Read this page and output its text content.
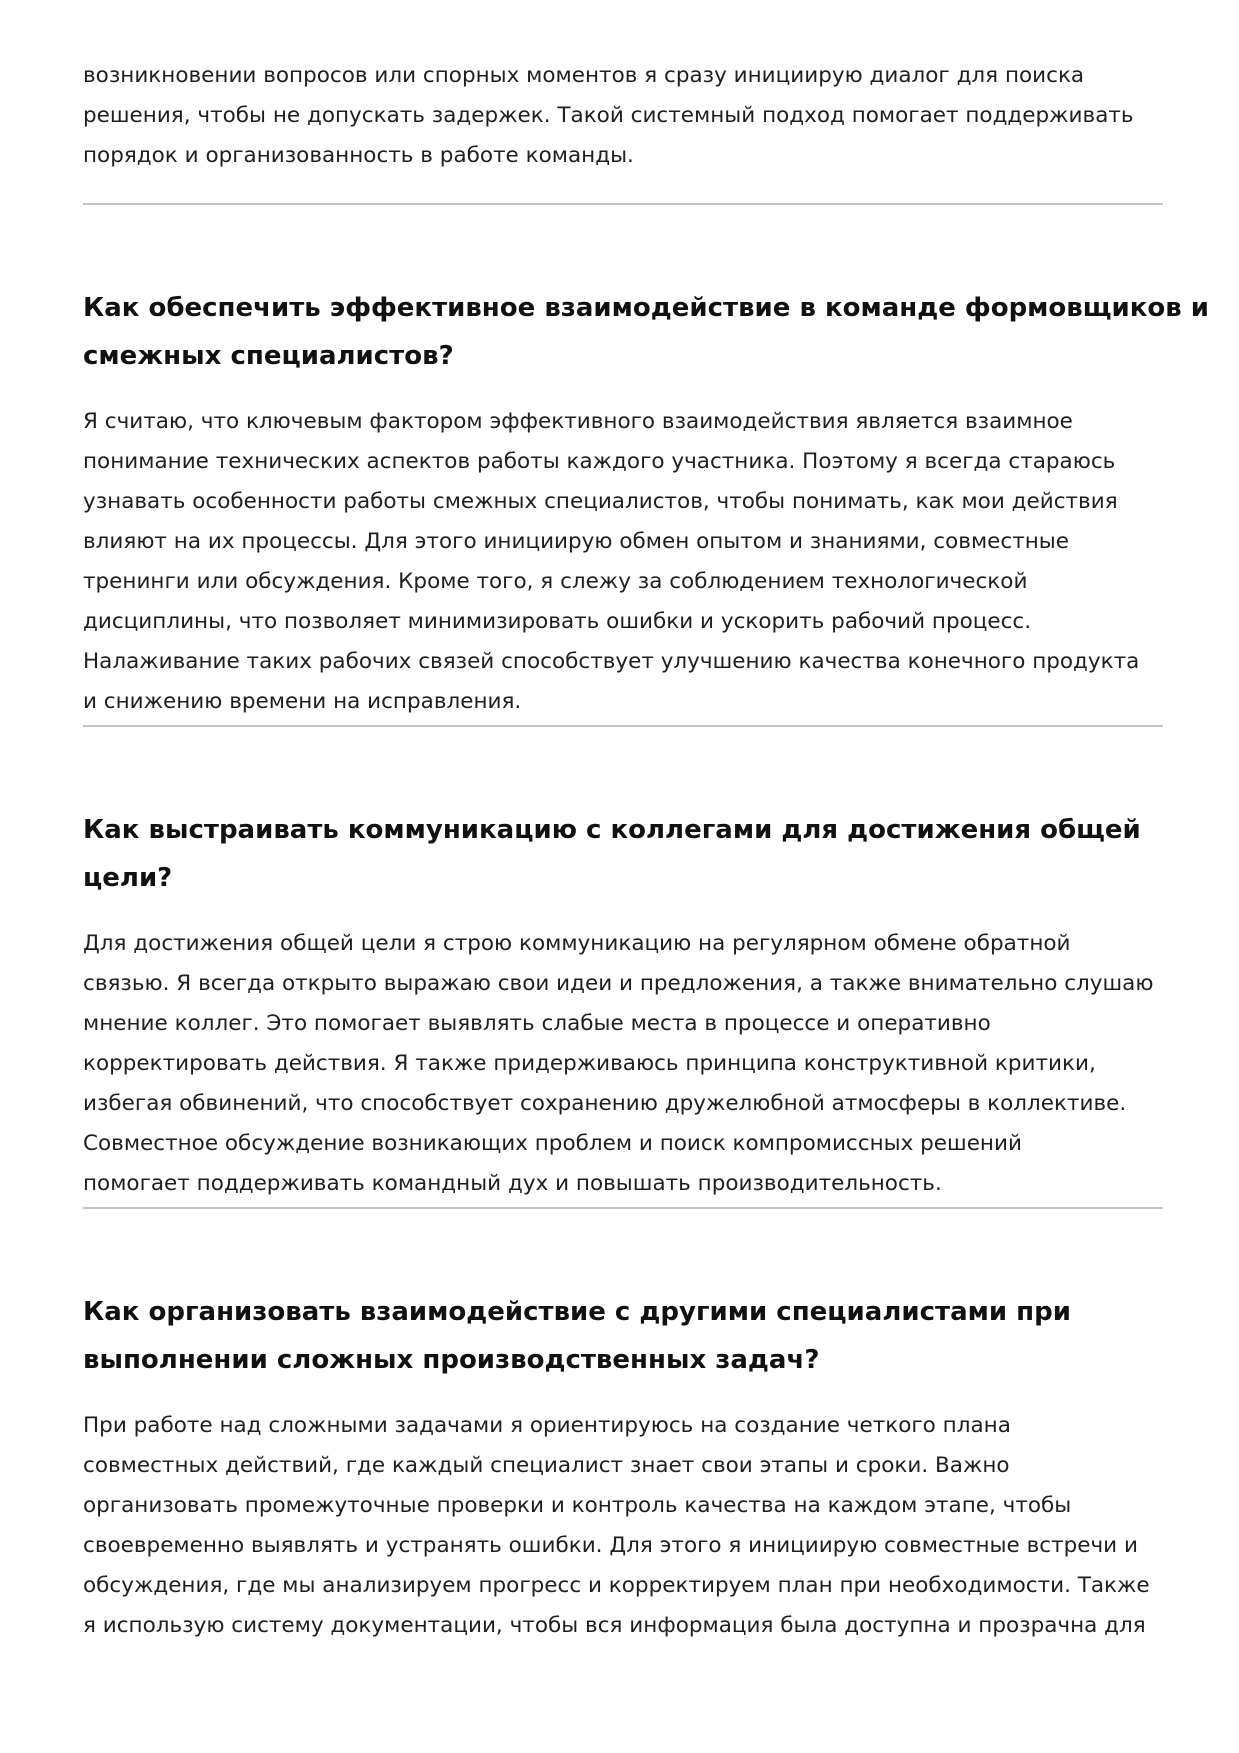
возникновении вопросов или спорных моментов я сразу инициирую диалог для поиска
решения, чтобы не допускать задержек. Такой системный подход помогает поддерживать
порядок и организованность в работе команды.

Как обеспечить эффективное взаимодействие в команде формовщиков и
смежных специалистов?

Я считаю, что ключевым фактором эффективного взаимодействия является взаимное
понимание технических аспектов работы каждого участника. Поэтому я всегда стараюсь
узнавать особенности работы смежных специалистов, чтобы понимать, как мои действия
влияют на их процессы. Для этого инициирую обмен опытом и знаниями, совместные
тренинги или обсуждения. Кроме того, я слежу за соблюдением технологической
дисциплины, что позволяет минимизировать ошибки и ускорить рабочий процесс.
Налаживание таких рабочих связей способствует улучшению качества конечного продукта
и снижению времени на исправления.

Как выстраивать коммуникацию с коллегами для достижения общей
цели?

Для достижения общей цели я строю коммуникацию на регулярном обмене обратной
связью. Я всегда открыто выражаю свои идеи и предложения, а также внимательно слушаю
мнение коллег. Это помогает выявлять слабые места в процессе и оперативно
корректировать действия. Я также придерживаюсь принципа конструктивной критики,
избегая обвинений, что способствует сохранению дружелюбной атмосферы в коллективе.
Совместное обсуждение возникающих проблем и поиск компромиссных решений
помогает поддерживать командный дух и повышать производительность.

Как организовать взаимодействие с другими специалистами при
выполнении сложных производственных задач?

При работе над сложными задачами я ориентируюсь на создание четкого плана
совместных действий, где каждый специалист знает свои этапы и сроки. Важно
организовать промежуточные проверки и контроль качества на каждом этапе, чтобы
своевременно выявлять и устранять ошибки. Для этого я инициирую совместные встречи и
обсуждения, где мы анализируем прогресс и корректируем план при необходимости. Также
я использую систему документации, чтобы вся информация была доступна и прозрачна для
